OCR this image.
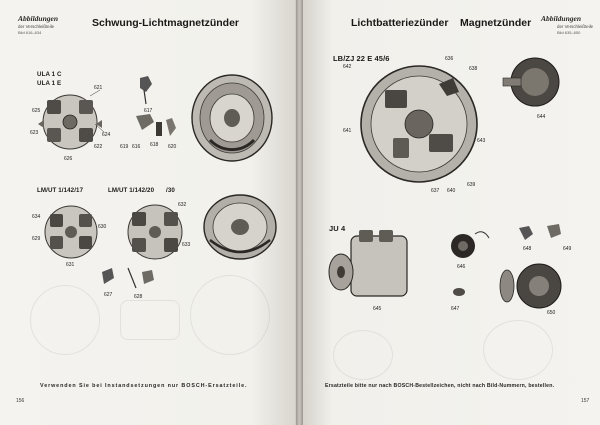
Abbildungen
der Verschleißteile
Bild 616–634
Schwung-Lichtmagnetzünder
ULA 1 C
ULA 1 E
LM/UT 1/142/17	LM/UT 1/142/20 /30
621
622
623	624
625
626
617
618
619	620
616
634
629
630
631
632
633
627	628
Verwenden Sie bei Instandsetzungen nur BOSCH-Ersatzteile.
156
Lichtbatteriezünder Magnetzünder Abbildungen
der Verschleißteile
Bild 635–650
LB/ZJ 22 E 45/6
JU 4
636
637
638
639
640
641
642
643
644
645
646
647
648	649
650
Ersatzteile bitte nur nach BOSCH-Bestellzeichen, nicht nach Bild-Nummern, bestellen.
157
